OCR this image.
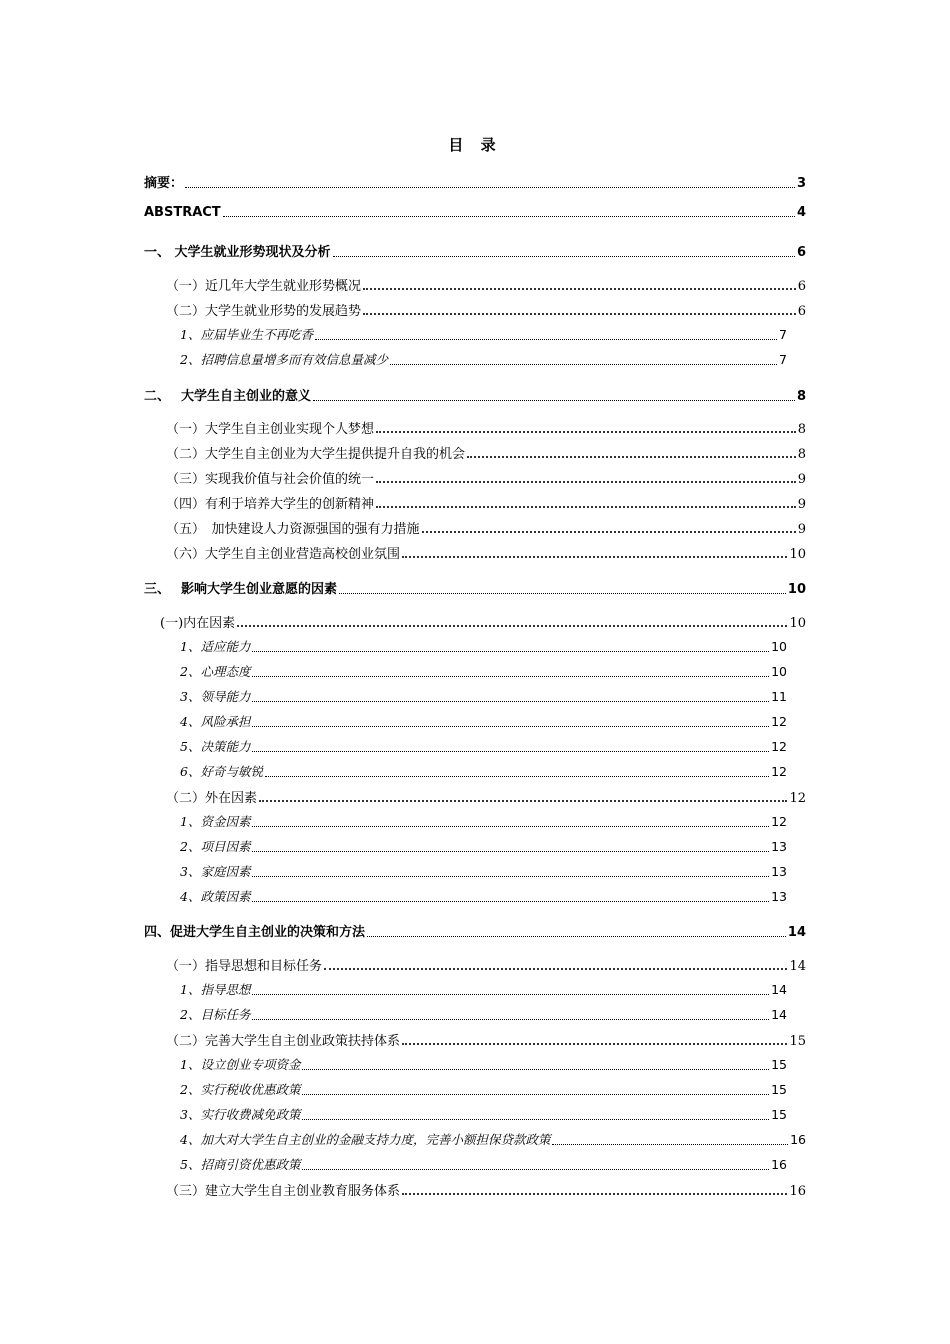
目 录
摘要：	3
ABSTRACT	4
一、 大学生就业形势现状及分析	6
（一）近几年大学生就业形势概况	6
（二）大学生就业形势的发展趋势	6
1、应届毕业生不再吃香	7
2、招聘信息量增多而有效信息量减少	7
二、　 大学生自主创业的意义	8
（一）大学生自主创业实现个人梦想	8
（二）大学生自主创业为大学生提供提升自我的机会	8
（三）实现我价值与社会价值的统一	9
（四）有利于培养大学生的创新精神	9
（五）　加快建设人力资源强国的强有力措施	9
（六）大学生自主创业营造高校创业氛围	10
三、　 影响大学生创业意愿的因素	10
(一)内在因素	10
1、适应能力	10
2、心理态度	10
3、领导能力	11
4、风险承担	12
5、决策能力	12
6、好奇与敏锐	12
（二）外在因素	12
1、资金因素	12
2、项目因素	13
3、家庭因素	13
4、政策因素	13
四、促进大学生自主创业的决策和方法	14
（一）指导思想和目标任务	14
1、指导思想	14
2、目标任务	14
（二）完善大学生自主创业政策扶持体系	15
1、设立创业专项资金	15
2、实行税收优惠政策	15
3、实行收费减免政策	15
4、加大对大学生自主创业的金融支持力度，完善小额担保贷款政策	16
5、招商引资优惠政策	16
（三）建立大学生自主创业教育服务体系	16
